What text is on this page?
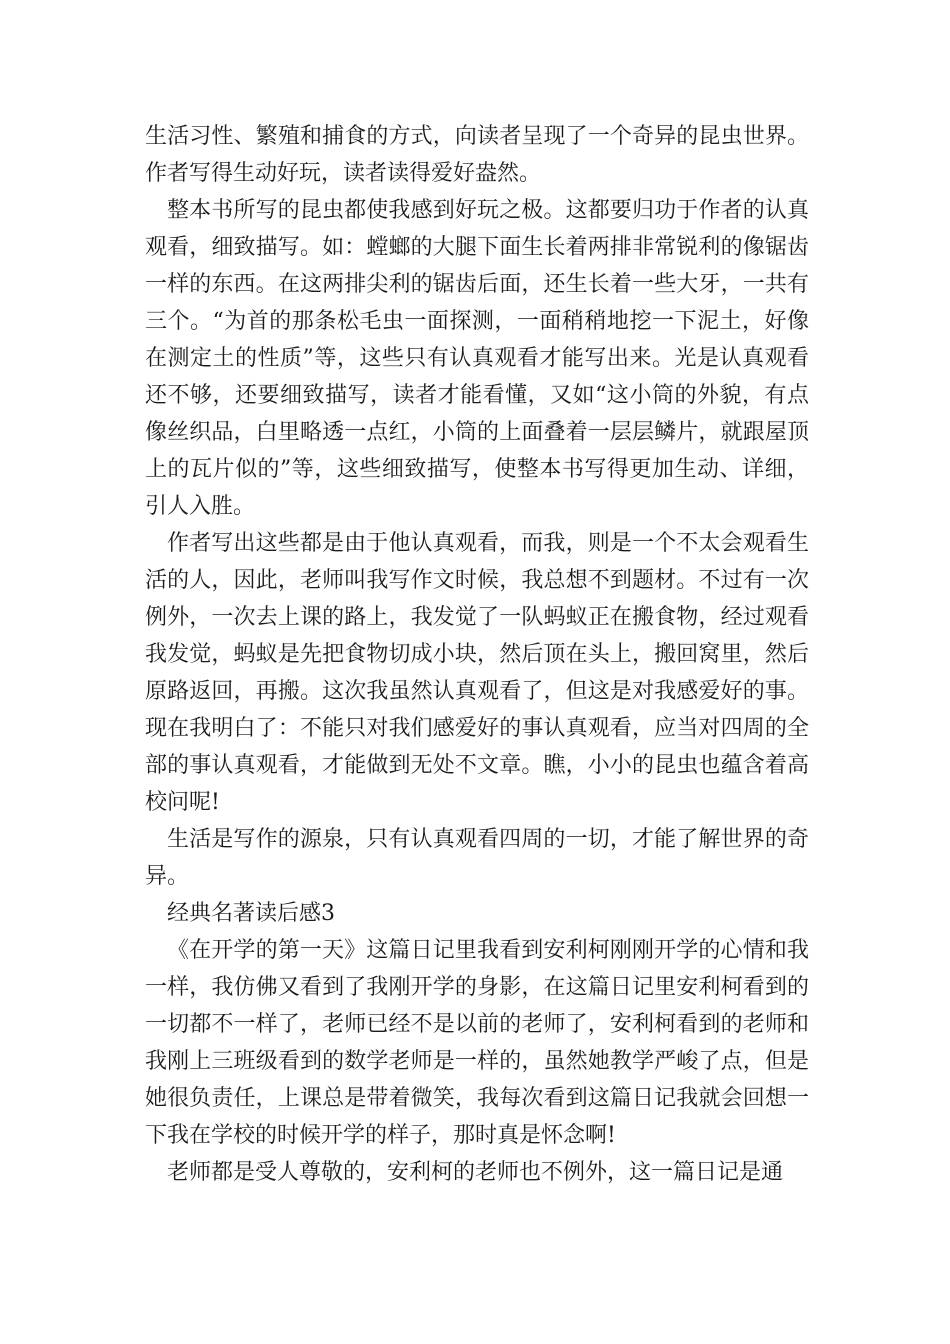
生活习性、繁殖和捕食的方式，向读者呈现了一个奇异的昆虫世界。作者写得生动好玩，读者读得爱好盎然。

整本书所写的昆虫都使我感到好玩之极。这都要归功于作者的认真观看，细致描写。如：螳螂的大腿下面生长着两排非常锐利的像锯齿一样的东西。在这两排尖利的锯齿后面，还生长着一些大牙，一共有三个。“为首的那条松毛虫一面探测，一面稍稍地挖一下泥土，好像在测定土的性质”等，这些只有认真观看才能写出来。光是认真观看还不够，还要细致描写，读者才能看懂，又如“这小筒的外貌，有点像丝织品，白里略透一点红，小筒的上面叠着一层层鳞片，就跟屋顶上的瓦片似的”等，这些细致描写，使整本书写得更加生动、详细，引人入胜。

作者写出这些都是由于他认真观看，而我，则是一个不太会观看生活的人，因此，老师叫我写作文时候，我总想不到题材。不过有一次例外，一次去上课的路上，我发觉了一队蚂蚁正在搬食物，经过观看我发觉，蚂蚁是先把食物切成小块，然后顶在头上，搬回窝里，然后原路返回，再搬。这次我虽然认真观看了，但这是对我感爱好的事。现在我明白了：不能只对我们感爱好的事认真观看，应当对四周的全部的事认真观看，才能做到无处不文章。瞧，小小的昆虫也蕴含着高校问呢!

生活是写作的源泉，只有认真观看四周的一切，才能了解世界的奇异。

经典名著读后感3

《在开学的第一天》这篇日记里我看到安利柯刚刚开学的心情和我一样，我仿佛又看到了我刚开学的身影，在这篇日记里安利柯看到的一切都不一样了，老师已经不是以前的老师了，安利柯看到的老师和我刚上三班级看到的数学老师是一样的，虽然她教学严峻了点，但是她很负责任，上课总是带着微笑，我每次看到这篇日记我就会回想一下我在学校的时候开学的样子，那时真是怀念啊!

老师都是受人尊敬的，安利柯的老师也不例外，这一篇日记是通
